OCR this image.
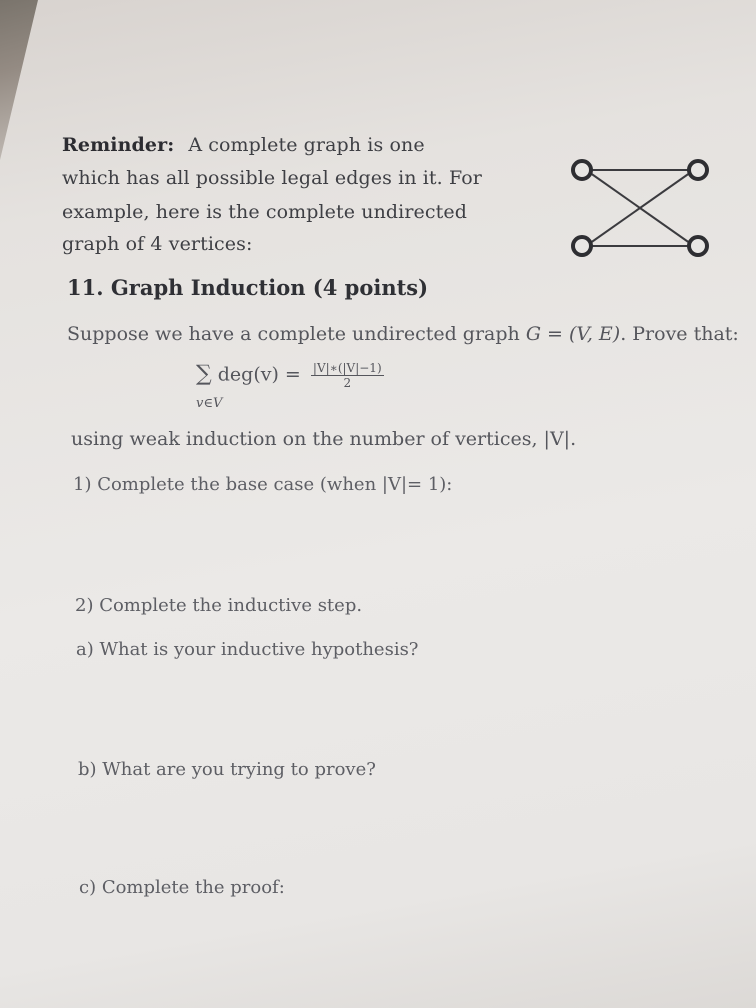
Reminder: A complete graph is one
which has all possible legal edges in it. For
example, here is the complete undirected
graph of 4 vertices:
11. Graph Induction (4 points)
Suppose we have a complete undirected graph G = (V, E). Prove that:
∑ $deg(v) = \frac{|V|∗(|V|-1)}{2}$
v∈V
using weak induction on the number of vertices, |V|.
1) Complete the base case (when |V|= 1):
2) Complete the inductive step.
a) What is your inductive hypothesis?
b) What are you trying to prove?
c) Complete the proof:
